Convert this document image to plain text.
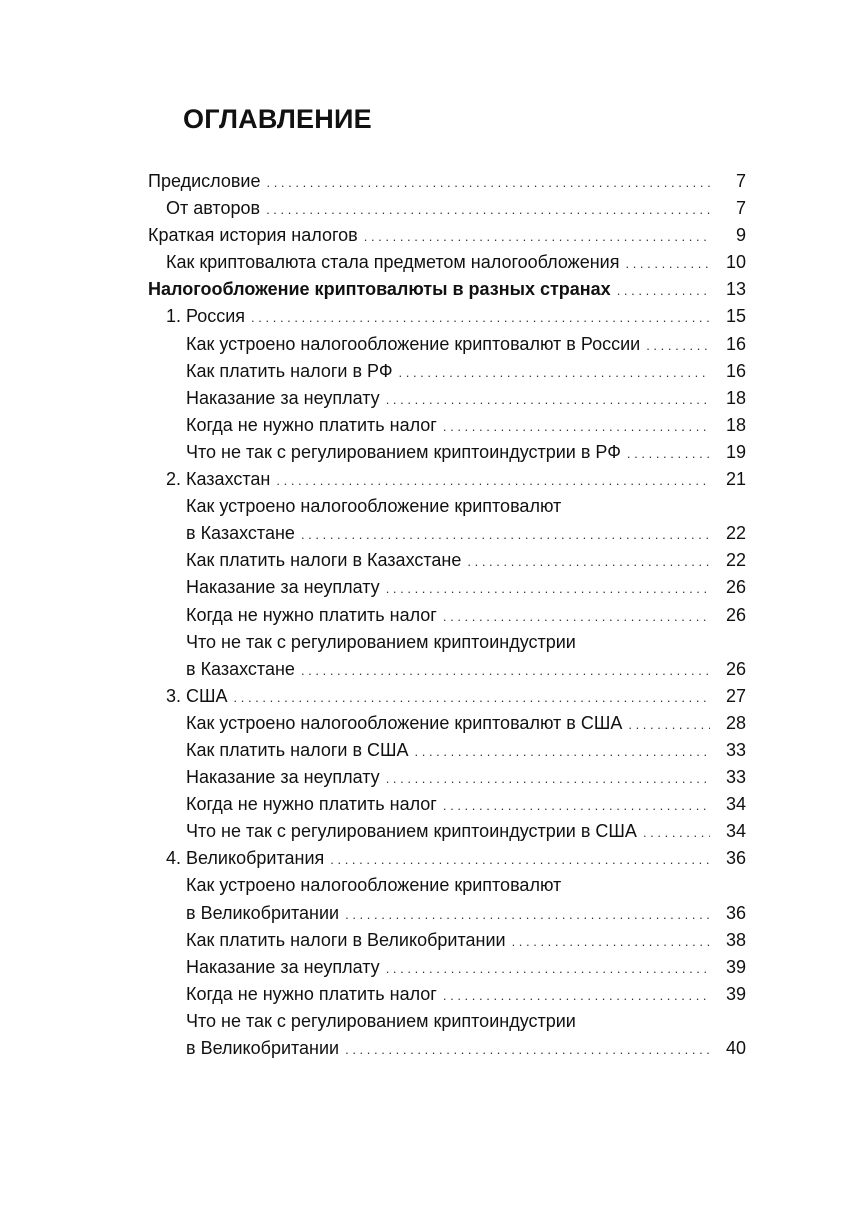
ОГЛАВЛЕНИЕ
Предисловие . . .	7
От авторов . . .	7
Краткая история налогов . . .	9
Как криптовалюта стала предметом налогообложения . . .	10
Налогообложение криптовалюты в разных странах . . .	13
1. Россия . . .	15
Как устроено налогообложение криптовалют в России . . .	16
Как платить налоги в РФ . . .	16
Наказание за неуплату . . .	18
Когда не нужно платить налог . . .	18
Что не так с регулированием криптоиндустрии в РФ . . .	19
2. Казахстан . . .	21
Как устроено налогообложение криптовалют
в Казахстане . . .	22
Как платить налоги в Казахстане . . .	22
Наказание за неуплату . . .	26
Когда не нужно платить налог . . .	26
Что не так с регулированием криптоиндустрии
в Казахстане . . .	26
3. США . . .	27
Как устроено налогообложение криптовалют в США . . .	28
Как платить налоги в США . . .	33
Наказание за неуплату . . .	33
Когда не нужно платить налог . . .	34
Что не так с регулированием криптоиндустрии в США . . .	34
4. Великобритания . . .	36
Как устроено налогообложение криптовалют
в Великобритании . . .	36
Как платить налоги в Великобритании . . .	38
Наказание за неуплату . . .	39
Когда не нужно платить налог . . .	39
Что не так с регулированием криптоиндустрии
в Великобритании . . .	40
